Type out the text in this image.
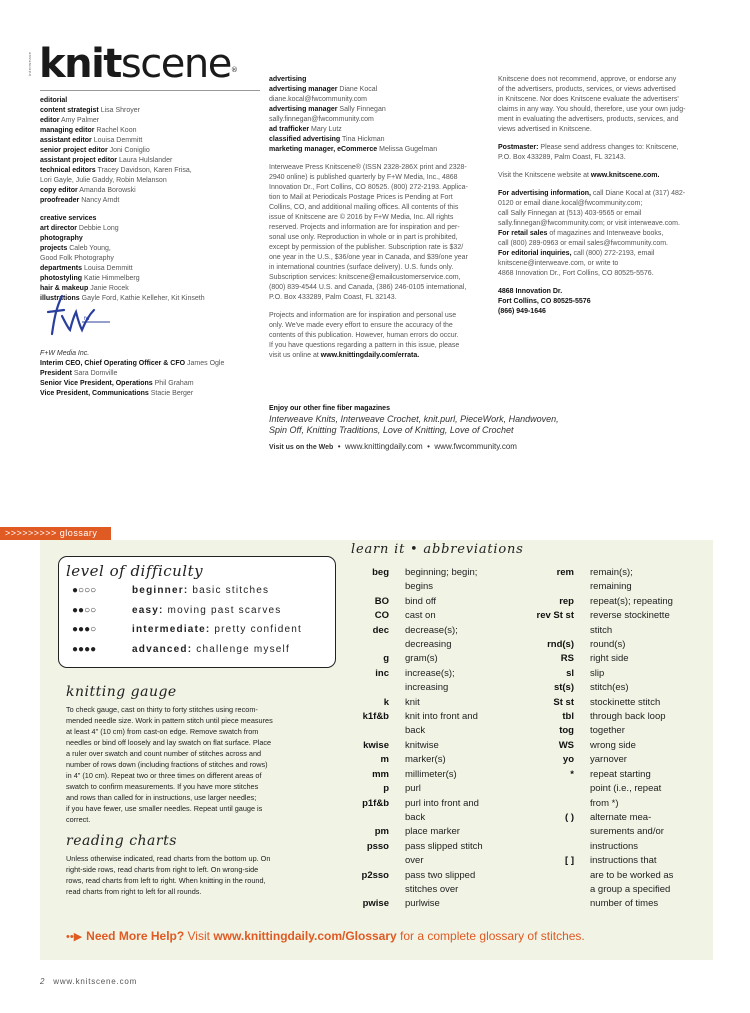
interweave knitscene®
editorial
content strategist Lisa Shroyer
editor Amy Palmer
managing editor Rachel Koon
assistant editor Louisa Demmitt
senior project editor Joni Coniglio
assistant project editor Laura Hulslander
technical editors Tracey Davidson, Karen Frisa,
Lori Gayle, Julie Gaddy, Robin Melanson
copy editor Amanda Borowski
proofreader Nancy Arndt
creative services
art director Debbie Long
photography
projects Caleb Young,
Good Folk Photography
departments Louisa Demmitt
photostyling Katie Himmelberg
hair & makeup Janie Rocek
illustrations Gayle Ford, Kathie Kelleher, Kit Kinseth
fw
F+W Media Inc.
Interim CEO, Chief Operating Officer & CFO James Ogle
President Sara Domville
Senior Vice President, Operations Phil Graham
Vice President, Communications Stacie Berger
advertising
advertising manager Diane Kocal
diane.kocal@fwcommunity.com
advertising manager Sally Finnegan
sally.finnegan@fwcommunity.com
ad trafficker Mary Lutz
classified advertising Tina Hickman
marketing manager, eCommerce Melissa Gugelman
Interweave Press Knitscene® (ISSN 2328-286X print and 2328-
2940 online) is published quarterly by F+W Media, Inc., 4868
Innovation Dr., Fort Collins, CO 80525. (800) 272-2193. Applica-
tion to Mail at Periodicals Postage Prices is Pending at Fort
Collins, CO, and additional mailing offices. All contents of this
issue of Knitscene are © 2016 by F+W Media, Inc. All rights
reserved. Projects and information are for inspiration and per-
sonal use only. Reproduction in whole or in part is prohibited,
except by permission of the publisher. Subscription rate is $32/
one year in the U.S., $36/one year in Canada, and $39/one year
in international countries (surface delivery). U.S. funds only.
Subscription services: knitscene@emailcustomerservice.com,
(800) 839-4544 U.S. and Canada, (386) 246-0105 international,
P.O. Box 433289, Palm Coast, FL 32143.
Projects and information are for inspiration and personal use
only. We've made every effort to ensure the accuracy of the
contents of this publication. However, human errors do occur.
If you have questions regarding a pattern in this issue, please
visit us online at www.knittingdaily.com/errata.
Knitscene does not recommend, approve, or endorse any
of the advertisers, products, services, or views advertised
in Knitscene. Nor does Knitscene evaluate the advertisers'
claims in any way. You should, therefore, use your own judg-
ment in evaluating the advertisers, products, services, and
views advertised in Knitscene.
Postmaster: Please send address changes to: Knitscene,
P.O. Box 433289, Palm Coast, FL 32143.
Visit the Knitscene website at www.knitscene.com.
For advertising information, call Diane Kocal at (317) 482-
0120 or email diane.kocal@fwcommunity.com;
call Sally Finnegan at (513) 403-9565 or email
sally.finnegan@fwcommunity.com; or visit interweave.com.
For retail sales of magazines and Interweave books,
call (800) 289-0963 or email sales@fwcommunity.com.
For editorial inquiries, call (800) 272-2193, email
knitscene@interweave.com, or write to
4868 Innovation Dr., Fort Collins, CO 80525-5576.
4868 Innovation Dr.
Fort Collins, CO 80525-5576
(866) 949-1646
Enjoy our other fine fiber magazines
Interweave Knits, Interweave Crochet, knit.purl, PieceWork, Handwoven,
Spin Off, Knitting Traditions, Love of Knitting, Love of Crochet
Visit us on the Web • www.knittingdaily.com • www.fwcommunity.com
>>>>>>>>> glossary
level of difficulty
●○○○	beginner: basic stitches
●●○○	easy: moving past scarves
●●●○	intermediate: pretty confident
●●●●	advanced: challenge myself
knitting gauge
To check gauge, cast on thirty to forty stitches using recom-
mended needle size. Work in pattern stitch until piece measures
at least 4" (10 cm) from cast-on edge. Remove swatch from
needles or bind off loosely and lay swatch on flat surface. Place
a ruler over swatch and count number of stitches across and
number of rows down (including fractions of stitches and rows)
in 4" (10 cm). Repeat two or three times on different areas of
swatch to confirm measurements. If you have more stitches
and rows than called for in instructions, use larger needles;
if you have fewer, use smaller needles. Repeat until gauge is
correct.
reading charts
Unless otherwise indicated, read charts from the bottom up. On
right-side rows, read charts from right to left. On wrong-side
rows, read charts from left to right. When knitting in the round,
read charts from right to left for all rounds.
learn it • abbreviations
beg	beginning; begin;
begins
BO	bind off
CO	cast on
dec	decrease(s);
decreasing
g	gram(s)
inc	increase(s);
increasing
k	knit
k1f&b	knit into front and
back
kwise	knitwise
m	marker(s)
mm	millimeter(s)
p	purl
p1f&b	purl into front and
back
pm	place marker
psso	pass slipped stitch
over
p2sso	pass two slipped
stitches over
pwise	purlwise
rem	remain(s);
remaining
rep	repeat(s); repeating
rev St st	reverse stockinette
stitch
rnd(s)	round(s)
RS	right side
sl	slip
st(s)	stitch(es)
St st	stockinette stitch
tbl	through back loop
tog	together
WS	wrong side
yo	yarnover
*	repeat starting
point (i.e., repeat
from *)
( )	alternate mea-
surements and/or
instructions
[ ]	instructions that
are to be worked as
a group a specified
number of times
••▶ Need More Help? Visit www.knittingdaily.com/Glossary for a complete glossary of stitches.
2 www.knitscene.com
